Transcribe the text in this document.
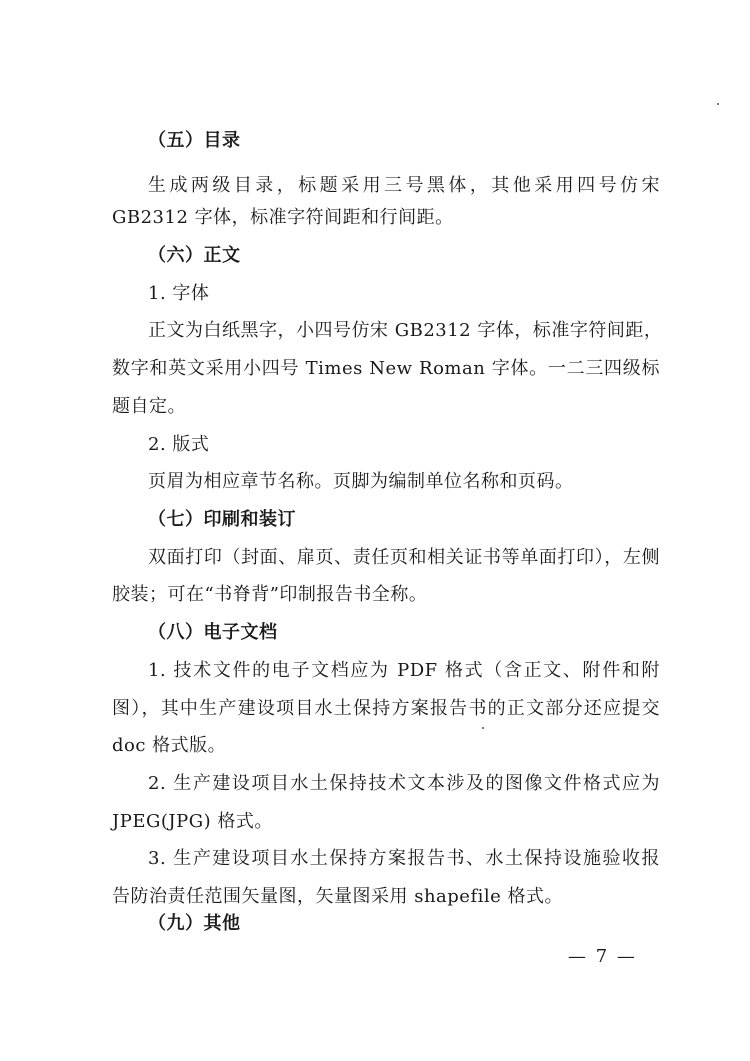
（五）目录
生成两级目录，标题采用三号黑体，其他采用四号仿宋
GB2312 字体，标准字符间距和行间距。
（六）正文
1. 字体
正文为白纸黑字，小四号仿宋 GB2312 字体，标准字符间距，
数字和英文采用小四号 Times New Roman 字体。一二三四级标
题自定。
2. 版式
页眉为相应章节名称。页脚为编制单位名称和页码。
（七）印刷和装订
双面打印（封面、扉页、责任页和相关证书等单面打印），左侧
胶装；可在“书脊背”印制报告书全称。
（八）电子文档
1. 技术文件的电子文档应为 PDF 格式（含正文、附件和附
图），其中生产建设项目水土保持方案报告书的正文部分还应提交
doc 格式版。
2. 生产建设项目水土保持技术文本涉及的图像文件格式应为
JPEG(JPG) 格式。
3. 生产建设项目水土保持方案报告书、水土保持设施验收报
告防治责任范围矢量图，矢量图采用 shapefile 格式。
（九）其他
— 7 —
